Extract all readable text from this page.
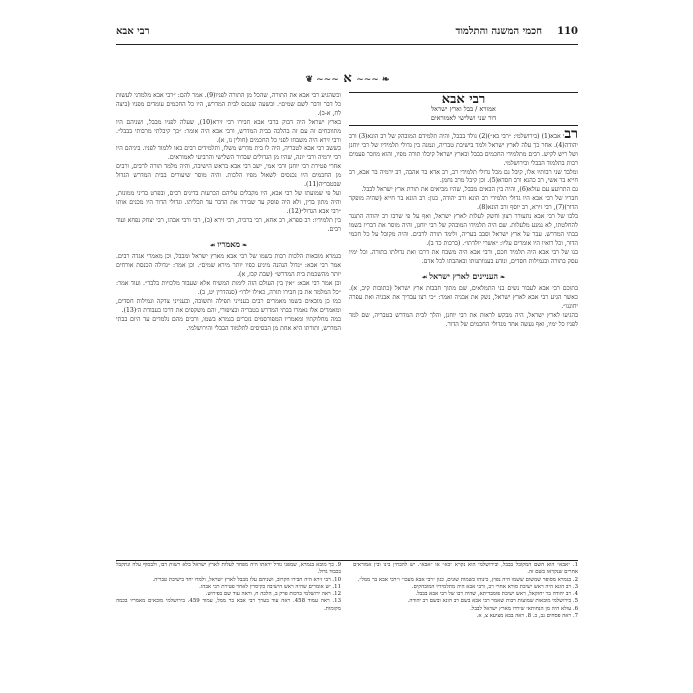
110
חכמי המשנה והתלמוד
רבי אבא
❦ ∼∼∼ א ∼∼∼ ❧
רבי אבא
אמורא / בבל וארץ ישראל
דור שני ושלישי לאמוראים

רבי אבא(1) (בירושלמי: ״רבי בא״)(2) נולד בבבל, והיה תלמידם המובהק של רב הונא(3) ורב יהודה(4). אחר כך עלה לארץ ישראל ולמד בישיבת טבריה, ונמנה בין גדולי תלמידיו של רבי יוחנן ושל ריש לקיש. רבים מתלמידי החכמים בבבל ובארץ ישראל קיבלו תורה מפיו, והוא מוזכר פעמים רבות בתלמוד הבבלי ובירושלמי.

ומלבד שני רבותיו אלו, קיבל גם מכל גדולי תלמידי רב, רב אדא בר אהבה, רב ירמיה בר אבא, רב חייא בר אשי, רב כהנא ורב חסדא(5). וכן קיבל מרב נחמן.

גם התרועע עם עולא(6), והיה בין הבאים מבבל, שהיו מביאים את תורת ארץ ישראל לבבל.

חבריו של רבי אבא היו גדולי תלמידי רב הונא ורב יהודה, כגון: רב הונא בר חייא (שהיה מופקד הדור)(7), רבי זירא, רב יוסף ורב הונא(8).

בלבו של רבי אבא נתעורר רצון וחשק לעלות לארץ ישראל, ואף על פי שרבו רב יהודה התנגד להחלטתו, לא נמנע מלעלות. שם היה תלמידו המובהק של רבי יוחנן, והיה מוסר את דבריו בשמו בבתי המדרש. עבר על ארץ ישראל וסבב בעריה, ולימד תורה לרבים. והיה מקובל על כל חכמי הדור, וכל רואיו היו אומרים עליו: ״אשרי יולדתו״. (ברכות כד ב).

בנו של רבי אבא היה תלמיד חכם, ורבי אבא היה משבח את דרכו ואת גדולתו בתורה. וכל ימיו עסק בתורה ובגמילות חסדים, ונודע בענוותנותו ובאהבתו לכל אדם.

❧ העניינים לארץ ישראל ☙

בתוכם רבי אבא לעבור נשים בני התמלאים, שם מתוך חבבות ארץ ישראל (כתובות קיב, א). כאשר הגיע רבי אבא לארץ ישראל, נשק את אבניה ואמר: ״כי רצו עבדיך את אבניה ואת עפרה יחוננו״.

בהגיעו לארץ ישראל, היה מבקש לראות את רבי יוחנן, והלך לבית המדרש בטבריה, שם למד לפניו כל ימיו, ואף נעשה אחד מגדולי החכמים של הדור.

וכשהגיע רבי אבא את התורה, שהכל מן התורה לפניו(9). אמר להם: ״רבי אבא מלמדני לעשות כל דבר ודבר לשם שמים״. ובשעה שנכנס לבית המדרש, היו כל החכמים עומדים מפניו (ביצה לח, א-ב).

בארץ ישראל היה דבוק ברבי אבא חבירו רבי זירא(10), שעלה לפניו מבבל, ושניהם היו מתווכחים זה עם זה בהלכה בבית המדרש, ורבי אבא היה אומר: ״כך קיבלתי מרבותי בבבל״. ורבי זירא היה משבחו לפני כל החכמים (חולין נז, א).

כששב רבי אבא לטבריה, היה לו בית מדרש משלו, ותלמידים רבים באו ללמוד לפניו. ביניהם היו רבי ירמיה ורבי יונה, שהיו מן הגדולים שבדור השלישי והרביעי לאמוראים.

אחרי פטירת רבי יוחנן ורבי אמי, ישב רבי אבא בראש הישיבה, והיה מלמד תורה לרבים, ורבים מן החכמים היו נכנסים לשאול מפיו הלכות. והיה מוסר שיעורים בבית המדרש הגדול שבטבריה(11).

ועל פי שמועתו של רבי אבא, היו מקבלים עליהם הכרעות בדינים רבים, ובפרט בדיני ממונות, והיה מתון בדין, ולא היה פוסק עד שבירר את הדבר עד תכליתו. וגדולי הדור היו מכנים אותו ״רבי אבא הגדול״(12).

בין תלמידיו: רב ספרא, רב אחא, רבי ברכיה, רבי זירא (ב), רבי ורבי אבהו, רבי יצחק נפחא ועוד רבים.

❧ מאמריו ☙

בגמרא מובאות הלכות רבות בשמו של רבי אבא מארץ ישראל ומבבל, וכן מאמרי אגדה רבים. אמר רבי אבא: ״גדול הנהנה מיגיע כפיו יותר מירא שמים״. וכן אמר: ״גדולה הכנסת אורחים יותר מהשכמת בית המדרש״ (שבת קכז, א).

וכן אמר רבי אבא: ״אין בין העולם הזה לימות המשיח אלא שעבוד מלכויות בלבד״. ועוד אמר: ״כל המלמד את בן חבירו תורה, כאילו ילדו״ (סנהדרין יט, ב).

כמו כן מובאים בשמו מאמרים רבים בענייני תפילה ותשובה, ובענייני צדקה וגמילות חסדים, ומאמרים אלו נאמרו בבתי המדרש בטבריה ובציפורי, והם משקפים את דרכו בעבודת ה׳(13).

במה מחלוקתיו ומאמריו המפורסמים נזכרים בגמרא בשמו, ורבים מהם נלמדים עד היום בבתי המדרש, ותורתו היא אחת מן הבסיסים לתלמוד הבבלי והירושלמי.

1. ״אבא״ הוא השם המקובל בבבל, ובירושלמי הוא נקרא ״בא״ או ״אבא״. יש להבחין בינו ובין אמוראים אחרים שנקראו בשם זה.

2. בגמרא מסופר שמשום ששמו היה נפוץ, כינוהו בשמות שונים, כגון ״רבי אבא מעכו״ ו״רבי אבא בר ממל״.

3. רב הונא היה ראש ישיבת סורא אחרי רב, ורבי אבא היה מתלמידיו המובהקים.

4. רב יהודה בר יחזקאל, ראש ישיבת פומבדיתא, שהיה רבו של רבי אבא בבבל.

5. בירושלמי מובאות שמועות רבות שאמר רבי אבא בשם רב הונא ובשם רב יהודה.

6. עולא היה מן הנחותאי שירדו מארץ ישראל לבבל.

7. ראה פסחים נב, ב. 8. ראה בבא מציעא צ, א.

9. כך מובא בגמרא, שמפני גודל יראתו היה מפחד לעלות לארץ ישראל בלא רשות רבו, ולבסוף עלה ונתקבל בכבוד גדול.

10. רבי זירא היה חבירו הקרוב, ושניהם עלו מבבל לארץ ישראל, ולמדו יחד בישיבת טבריה.

11. יש אומרים שהיה ראש הישיבה בקיסרין לאחר פטירת רבי אבהו.

12. ראה ירושלמי ברכות פרק ב, הלכה ח, וראה עוד שם בפירוש.

13. ראה עמוד 458. ראה עוד בערך רבי אבא בר ממל, עמוד 459. בירושלמי מובאים מאמריו בכמה מקומות.
